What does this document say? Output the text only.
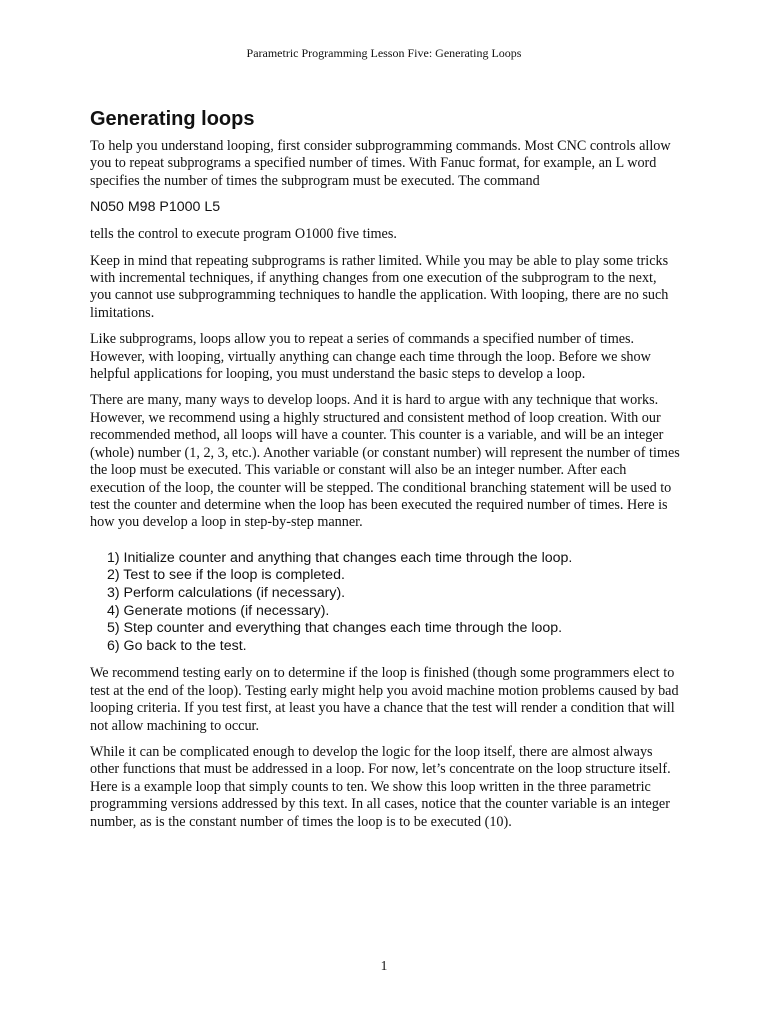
Parametric Programming Lesson Five: Generating Loops
Generating loops

To help you understand looping, first consider subprogramming commands. Most CNC controls allow you to repeat subprograms a specified number of times. With Fanuc format, for example, an L word specifies the number of times the subprogram must be executed. The command

N050 M98 P1000 L5

tells the control to execute program O1000 five times.

Keep in mind that repeating subprograms is rather limited. While you may be able to play some tricks with incremental techniques, if anything changes from one execution of the subprogram to the next, you cannot use subprogramming techniques to handle the application. With looping, there are no such limitations.

Like subprograms, loops allow you to repeat a series of commands a specified number of times. However, with looping, virtually anything can change each time through the loop. Before we show helpful applications for looping, you must understand the basic steps to develop a loop.

There are many, many ways to develop loops. And it is hard to argue with any technique that works. However, we recommend using a highly structured and consistent method of loop creation. With our recommended method, all loops will have a counter. This counter is a variable, and will be an integer (whole) number (1, 2, 3, etc.). Another variable (or constant number) will represent the number of times the loop must be executed. This variable or constant will also be an integer number. After each execution of the loop, the counter will be stepped. The conditional branching statement will be used to test the counter and determine when the loop has been executed the required number of times. Here is how you develop a loop in step-by-step manner.

1) Initialize counter and anything that changes each time through the loop.
2) Test to see if the loop is completed.
3) Perform calculations (if necessary).
4) Generate motions (if necessary).
5) Step counter and everything that changes each time through the loop.
6) Go back to the test.

We recommend testing early on to determine if the loop is finished (though some programmers elect to test at the end of the loop). Testing early might help you avoid machine motion problems caused by bad looping criteria. If you test first, at least you have a chance that the test will render a condition that will not allow machining to occur.

While it can be complicated enough to develop the logic for the loop itself, there are almost always other functions that must be addressed in a loop. For now, let’s concentrate on the loop structure itself. Here is a example loop that simply counts to ten. We show this loop written in the three parametric programming versions addressed by this text. In all cases, notice that the counter variable is an integer number, as is the constant number of times the loop is to be executed (10).

1
